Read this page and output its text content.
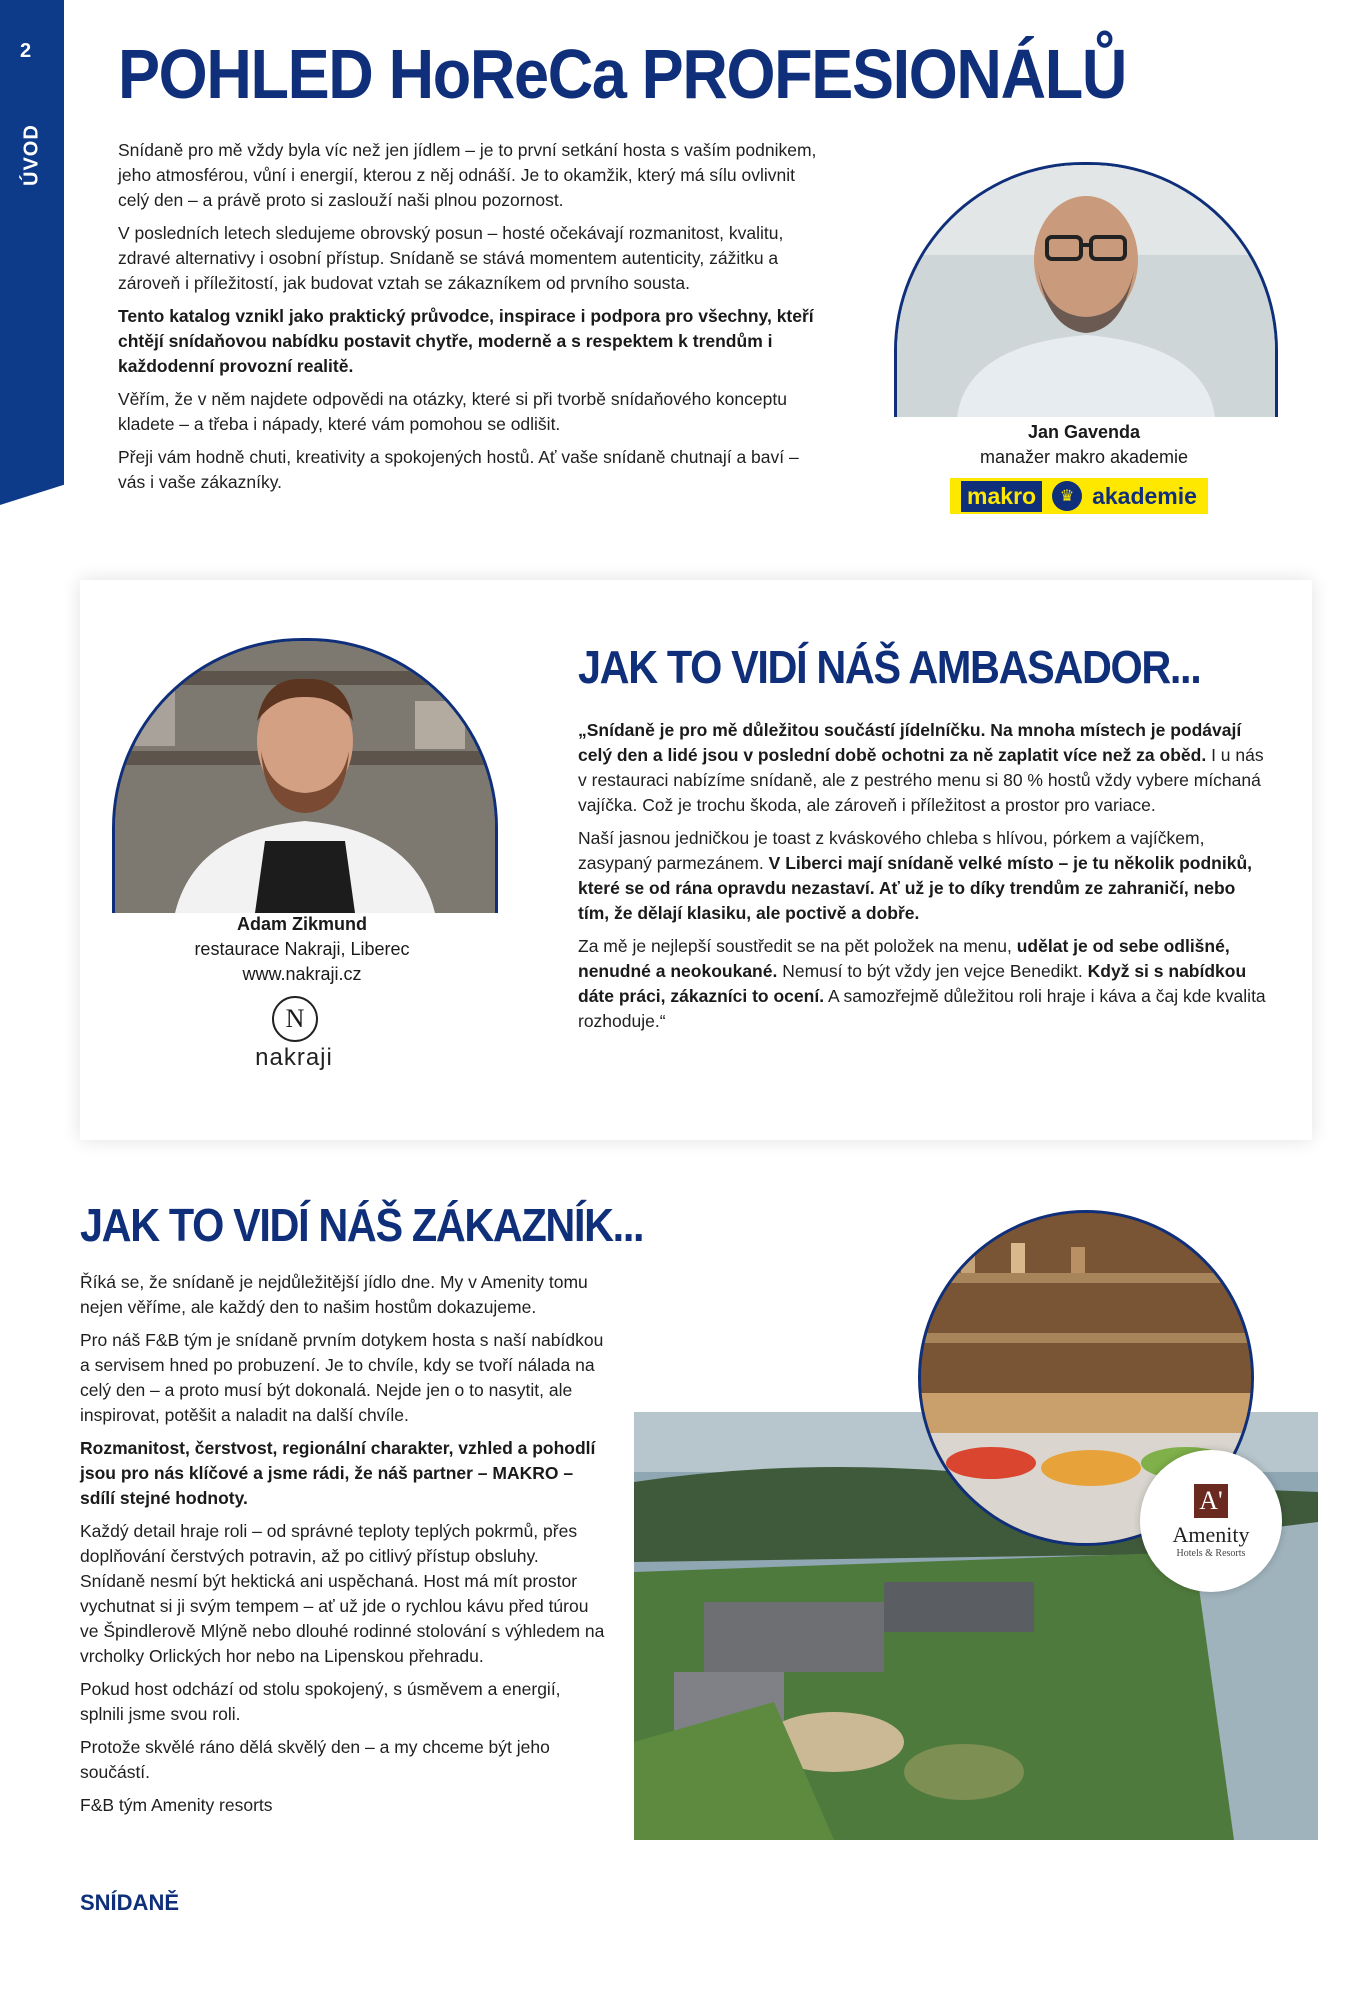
2
ÚVOD
POHLED HoReCa PROFESIONÁLŮ

Snídaně pro mě vždy byla víc než jen jídlem – je to první setkání hosta s vaším podnikem, jeho atmosférou, vůní i energií, kterou z něj odnáší. Je to okamžik, který má sílu ovlivnit celý den – a právě proto si zaslouží naši plnou pozornost.

V posledních letech sledujeme obrovský posun – hosté očekávají rozmanitost, kvalitu, zdravé alternativy i osobní přístup. Snídaně se stává momentem autenticity, zážitku a zároveň i příležitostí, jak budovat vztah se zákazníkem od prvního sousta.

Tento katalog vznikl jako praktický průvodce, inspirace i podpora pro všechny, kteří chtějí snídaňovou nabídku postavit chytře, moderně a s respektem k trendům i každodenní provozní realitě.

Věřím, že v něm najdete odpovědi na otázky, které si při tvorbě snídaňového konceptu kladete – a třeba i nápady, které vám pomohou se odlišit.

Přeji vám hodně chuti, kreativity a spokojených hostů. Ať vaše snídaně chutnají a baví – vás i vaše zákazníky.

Jan Gavenda
manažer makro akademie
makro	♛ akademie
Adam Zikmund
restaurace Nakraji, Liberec
www.nakraji.cz
N
nakraji
JAK TO VIDÍ NÁŠ AMBASADOR...

„Snídaně je pro mě důležitou součástí jídelníčku. Na mnoha místech je podávají celý den a lidé jsou v poslední době ochotni za ně zaplatit více než za oběd. I u nás v restauraci nabízíme snídaně, ale z pestrého menu si 80 % hostů vždy vybere míchaná vajíčka. Což je trochu škoda, ale zároveň i příležitost a prostor pro variace.

Naší jasnou jedničkou je toast z kváskového chleba s hlívou, pórkem a vajíčkem, zasypaný parmezánem. V Liberci mají snídaně velké místo – je tu několik podniků, které se od rána opravdu nezastaví. Ať už je to díky trendům ze zahraničí, nebo tím, že dělají klasiku, ale poctivě a dobře.

Za mě je nejlepší soustředit se na pět položek na menu, udělat je od sebe odlišné, nenudné a neokoukané. Nemusí to být vždy jen vejce Benedikt. Když si s nabídkou dáte práci, zákazníci to ocení. A samozřejmě důležitou roli hraje i káva a čaj kde kvalita rozhoduje.“

JAK TO VIDÍ NÁŠ ZÁKAZNÍK...

Říká se, že snídaně je nejdůležitější jídlo dne. My v Amenity tomu nejen věříme, ale každý den to našim hostům dokazujeme.

Pro náš F&B tým je snídaně prvním dotykem hosta s naší nabídkou a servisem hned po probuzení. Je to chvíle, kdy se tvoří nálada na celý den – a proto musí být dokonalá. Nejde jen o to nasytit, ale inspirovat, potěšit a naladit na další chvíle.

Rozmanitost, čerstvost, regionální charakter, vzhled a pohodlí jsou pro nás klíčové a jsme rádi, že náš partner – MAKRO – sdílí stejné hodnoty.

Každý detail hraje roli – od správné teploty teplých pokrmů, přes doplňování čerstvých potravin, až po citlivý přístup obsluhy. Snídaně nesmí být hektická ani uspěchaná. Host má mít prostor vychutnat si ji svým tempem – ať už jde o rychlou kávu před túrou ve Špindlerově Mlýně nebo dlouhé rodinné stolování s výhledem na vrcholky Orlických hor nebo na Lipenskou přehradu.

Pokud host odchází od stolu spokojený, s úsměvem a energií, splnili jsme svou roli.

Protože skvělé ráno dělá skvělý den – a my chceme být jeho součástí.

F&B tým Amenity resorts

A'
Amenity
Hotels & Resorts
SNÍDANĚ
